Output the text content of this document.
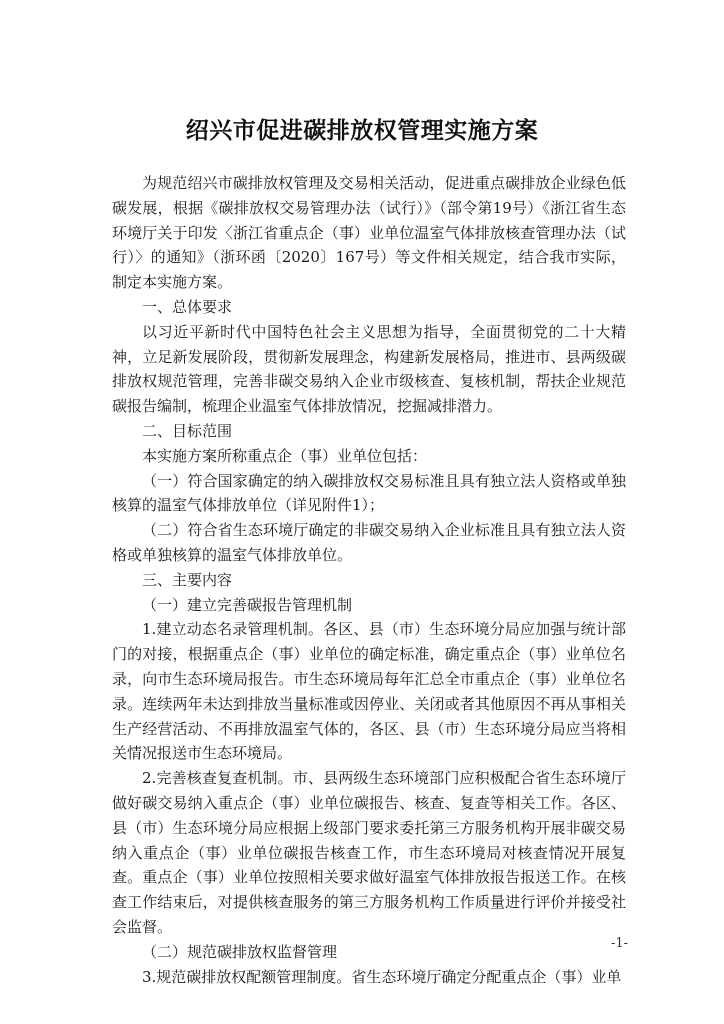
绍兴市促进碳排放权管理实施方案

为规范绍兴市碳排放权管理及交易相关活动，促进重点碳排放企业绿色低碳发展，根据《碳排放权交易管理办法（试行）》（部令第19号）《浙江省生态环境厅关于印发〈浙江省重点企（事）业单位温室气体排放核查管理办法（试行）〉的通知》（浙环函〔2020〕167号）等文件相关规定，结合我市实际，制定本实施方案。

一、总体要求

以习近平新时代中国特色社会主义思想为指导，全面贯彻党的二十大精神，立足新发展阶段，贯彻新发展理念，构建新发展格局，推进市、县两级碳排放权规范管理，完善非碳交易纳入企业市级核查、复核机制，帮扶企业规范碳报告编制，梳理企业温室气体排放情况，挖掘减排潜力。

二、目标范围

本实施方案所称重点企（事）业单位包括：

（一）符合国家确定的纳入碳排放权交易标准且具有独立法人资格或单独核算的温室气体排放单位（详见附件1）；

（二）符合省生态环境厅确定的非碳交易纳入企业标准且具有独立法人资格或单独核算的温室气体排放单位。

三、主要内容

（一）建立完善碳报告管理机制

1.建立动态名录管理机制。各区、县（市）生态环境分局应加强与统计部门的对接，根据重点企（事）业单位的确定标准，确定重点企（事）业单位名录，向市生态环境局报告。市生态环境局每年汇总全市重点企（事）业单位名录。连续两年未达到排放当量标准或因停业、关闭或者其他原因不再从事相关生产经营活动、不再排放温室气体的，各区、县（市）生态环境分局应当将相关情况报送市生态环境局。

2.完善核查复查机制。市、县两级生态环境部门应积极配合省生态环境厅做好碳交易纳入重点企（事）业单位碳报告、核查、复查等相关工作。各区、县（市）生态环境分局应根据上级部门要求委托第三方服务机构开展非碳交易纳入重点企（事）业单位碳报告核查工作，市生态环境局对核查情况开展复查。重点企（事）业单位按照相关要求做好温室气体排放报告报送工作。在核查工作结束后，对提供核查服务的第三方服务机构工作质量进行评价并接受社会监督。

（二）规范碳排放权监督管理

3.规范碳排放权配额管理制度。省生态环境厅确定分配重点企（事）业单

-1-
